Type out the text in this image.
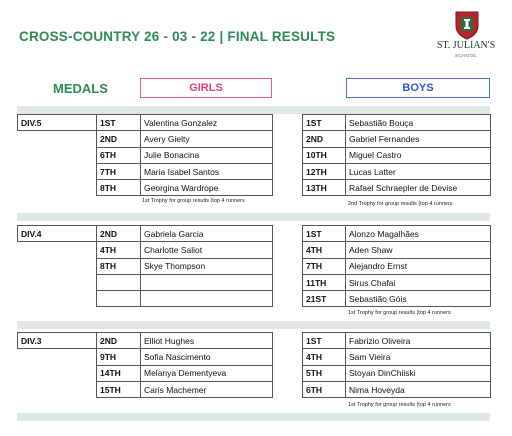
CROSS-COUNTRY 26 - 03 - 22 | FINAL RESULTS
ST. JULIAN'S
SCHOOL
MEDALS	GIRLS	BOYS
DIV.5	1ST	Valentina Gonzalez
	2ND	Avery Gielty
	6TH	Julie Bonacina
	7TH	Maria Isabel Santos
	8TH	Georgina Wardrope
1st Trophy for group results (top 4 runners
1ST	Sebastião Bouça
2ND	Gabriel Fernandes
10TH	Miguel Castro
12TH	Lucas Latter
13TH	Rafael Schraepler de Devise
2nd Trophy for group results (top 4 runners
DIV.4	2ND	Gabriela Garcia
	4TH	Charlotte Saliot
	8TH	Skye Thompson

1ST	Alonzo Magalhães
4TH	Aden Shaw
7TH	Alejandro Ernst
11TH	Sirus Chafai
21ST	Sebastião Góis
1st Trophy for group results (top 4 runners
DIV.3	2ND	Elliot Hughes
	9TH	Sofia Nascimento
	14TH	Melanya Dementyeva
	15TH	Caris Machemer
1ST	Fabrizio Oliveira
4TH	Sam Vieira
5TH	Stoyan DinChiiski
6TH	Nima Hoveyda
1st Trophy for group results (top 4 runners
